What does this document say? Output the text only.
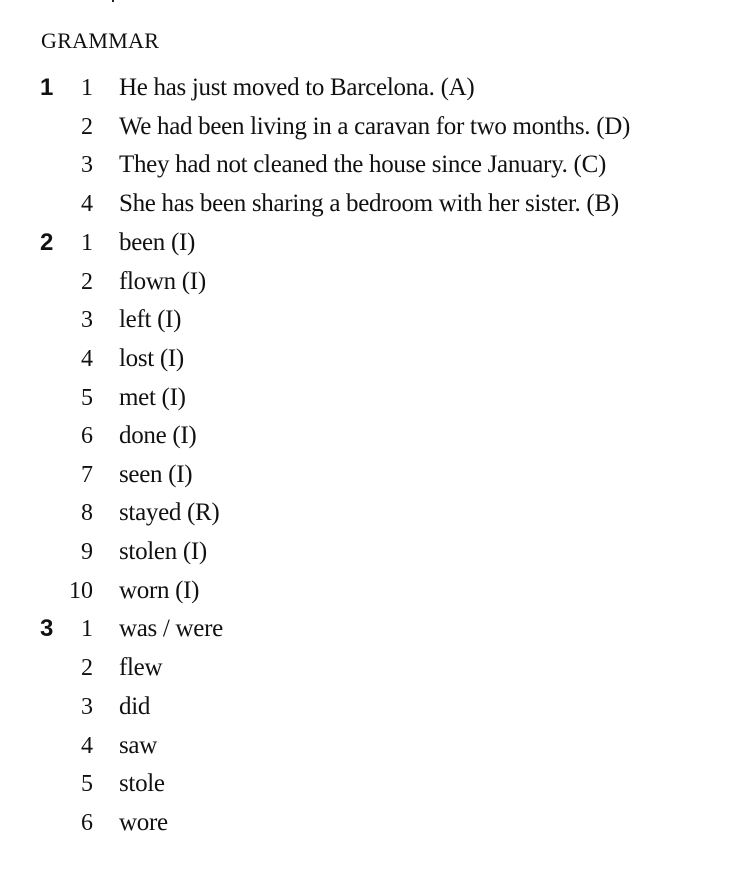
GRAMMAR
1 1 He has just moved to Barcelona. (A)
2 We had been living in a caravan for two months. (D)
3 They had not cleaned the house since January. (C)
4 She has been sharing a bedroom with her sister. (B)
2 1 been (I)
2 flown (I)
3 left (I)
4 lost (I)
5 met (I)
6 done (I)
7 seen (I)
8 stayed (R)
9 stolen (I)
10 worn (I)
3 1 was / were
2 flew
3 did
4 saw
5 stole
6 wore
